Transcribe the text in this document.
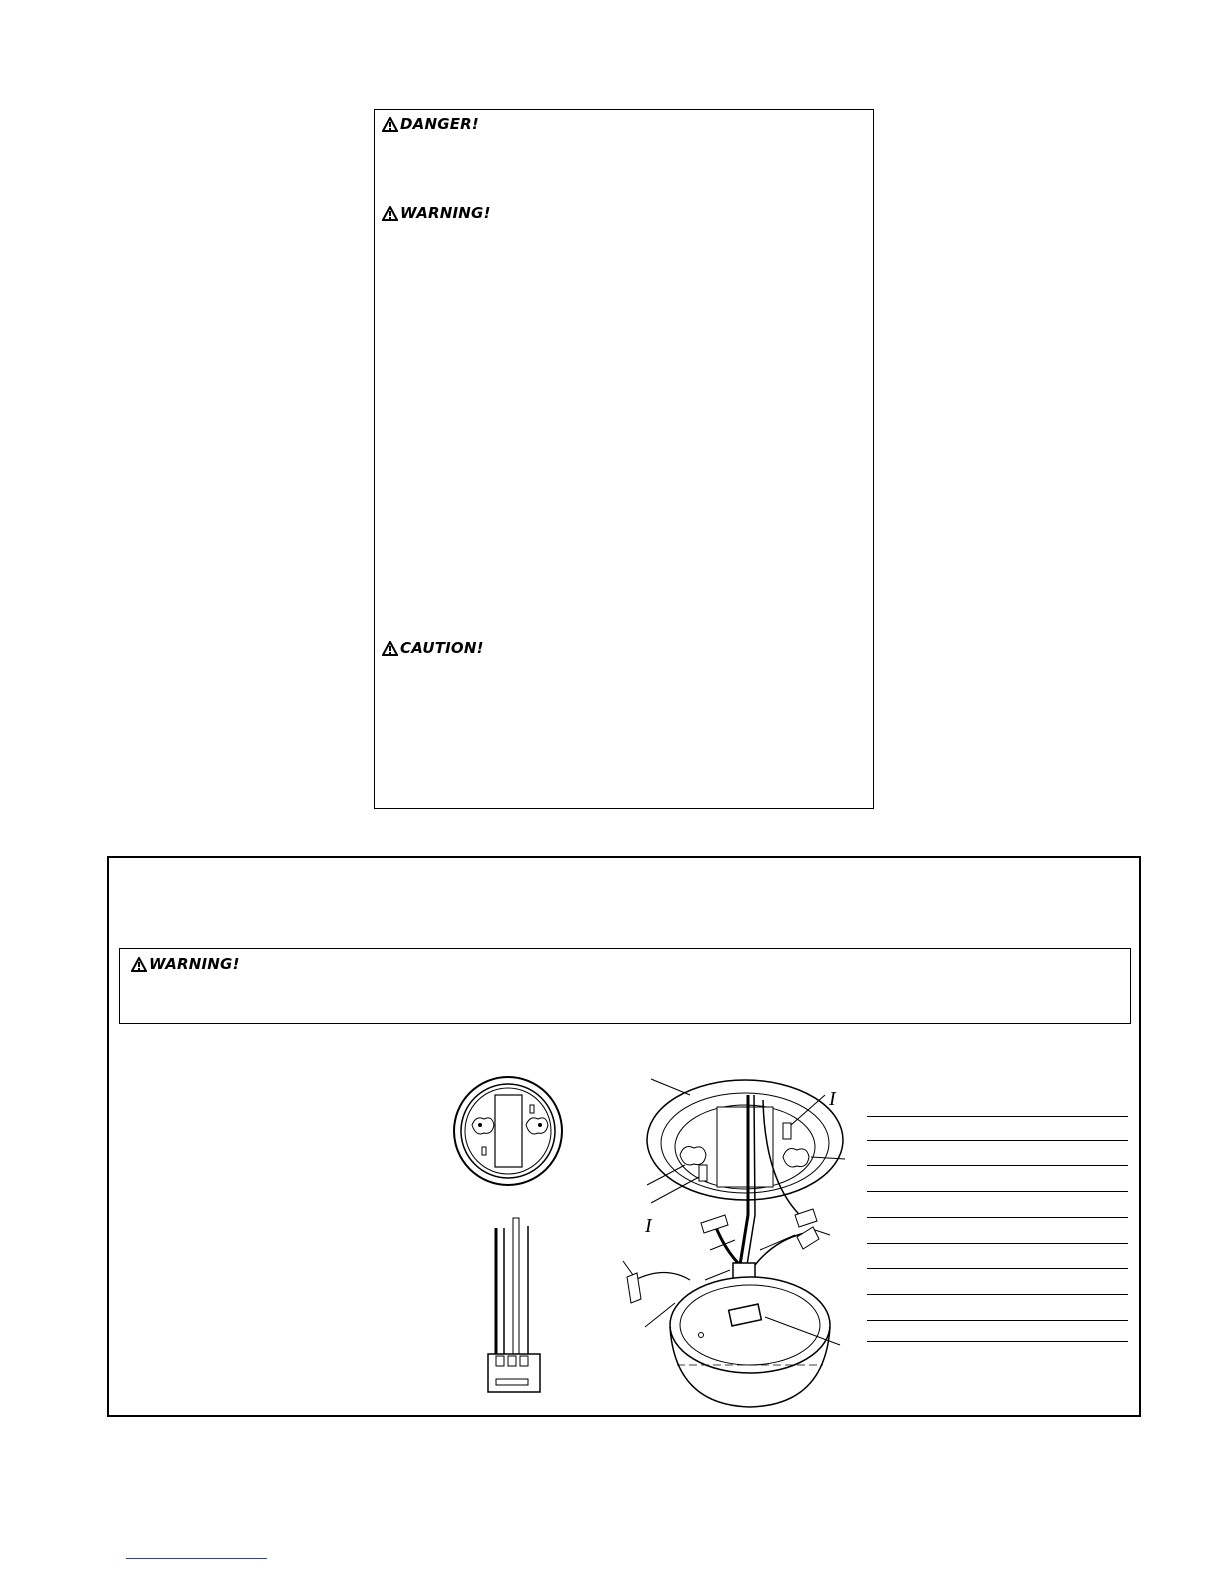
DANGER!
WARNING!
CAUTION!
WARNING!
I
I
